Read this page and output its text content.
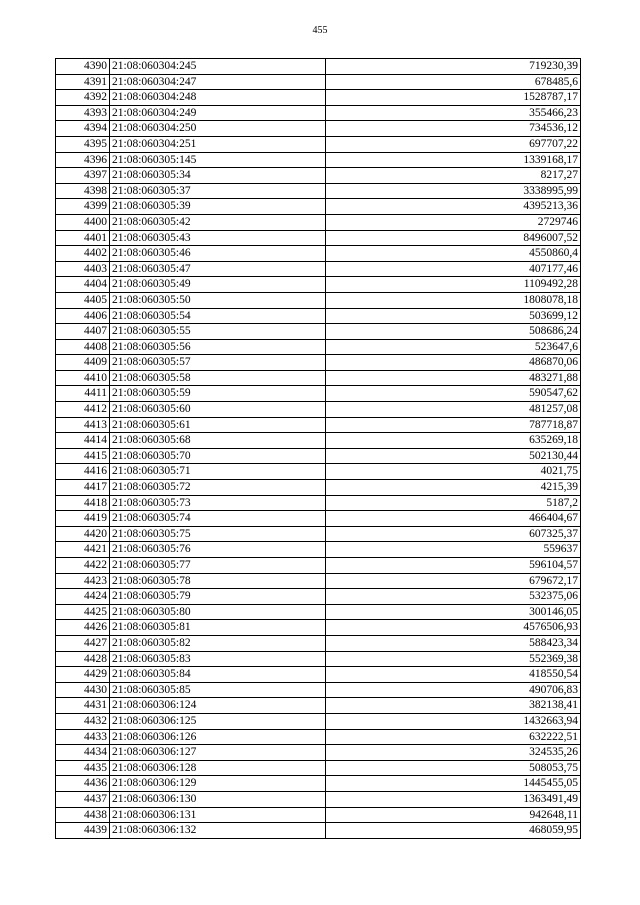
455
4390	21:08:060304:245	719230,39
4391	21:08:060304:247	678485,6
4392	21:08:060304:248	1528787,17
4393	21:08:060304:249	355466,23
4394	21:08:060304:250	734536,12
4395	21:08:060304:251	697707,22
4396	21:08:060305:145	1339168,17
4397	21:08:060305:34	8217,27
4398	21:08:060305:37	3338995,99
4399	21:08:060305:39	4395213,36
4400	21:08:060305:42	2729746
4401	21:08:060305:43	8496007,52
4402	21:08:060305:46	4550860,4
4403	21:08:060305:47	407177,46
4404	21:08:060305:49	1109492,28
4405	21:08:060305:50	1808078,18
4406	21:08:060305:54	503699,12
4407	21:08:060305:55	508686,24
4408	21:08:060305:56	523647,6
4409	21:08:060305:57	486870,06
4410	21:08:060305:58	483271,88
4411	21:08:060305:59	590547,62
4412	21:08:060305:60	481257,08
4413	21:08:060305:61	787718,87
4414	21:08:060305:68	635269,18
4415	21:08:060305:70	502130,44
4416	21:08:060305:71	4021,75
4417	21:08:060305:72	4215,39
4418	21:08:060305:73	5187,2
4419	21:08:060305:74	466404,67
4420	21:08:060305:75	607325,37
4421	21:08:060305:76	559637
4422	21:08:060305:77	596104,57
4423	21:08:060305:78	679672,17
4424	21:08:060305:79	532375,06
4425	21:08:060305:80	300146,05
4426	21:08:060305:81	4576506,93
4427	21:08:060305:82	588423,34
4428	21:08:060305:83	552369,38
4429	21:08:060305:84	418550,54
4430	21:08:060305:85	490706,83
4431	21:08:060306:124	382138,41
4432	21:08:060306:125	1432663,94
4433	21:08:060306:126	632222,51
4434	21:08:060306:127	324535,26
4435	21:08:060306:128	508053,75
4436	21:08:060306:129	1445455,05
4437	21:08:060306:130	1363491,49
4438	21:08:060306:131	942648,11
4439	21:08:060306:132	468059,95
